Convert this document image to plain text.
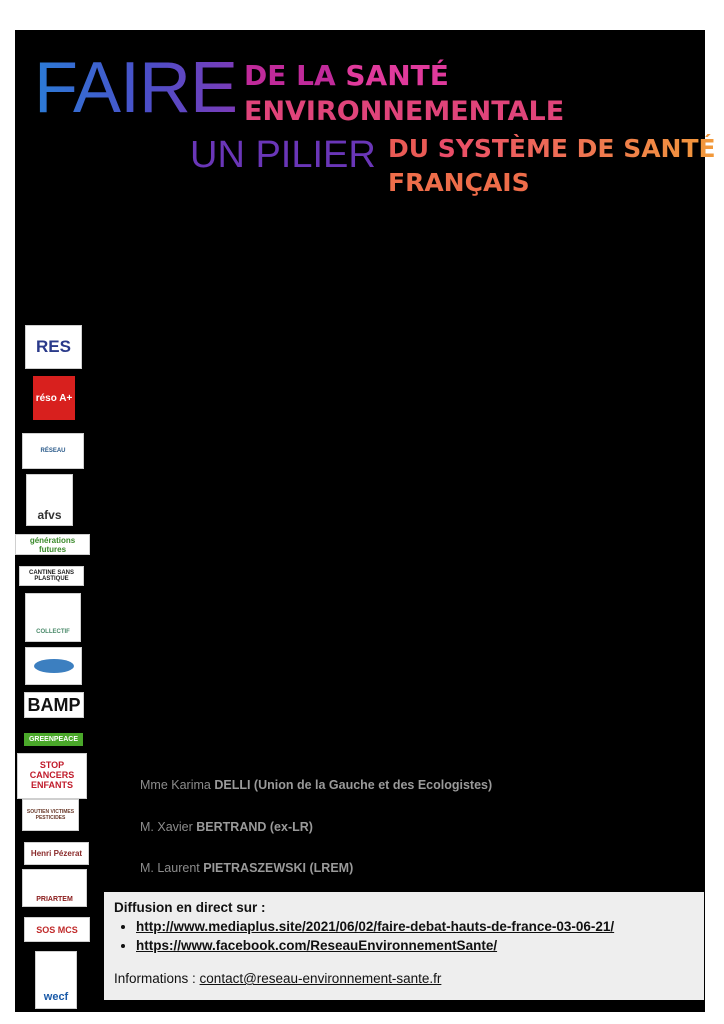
FAIRE DE LA SANTÉ
ENVIRONNEMENTALE
UN PILIER DU SYSTÈME DE SANTÉ
FRANÇAIS
RES
réso A+
RÉSEAU
afvs
générations futures
CANTINE SANS PLASTIQUE
COLLECTIF
BAMP
GREENPEACE
STOP CANCERS ENFANTS
SOUTIEN VICTIMES PESTICIDES
Henri Pézerat
PRIARTEM
SOS MCS
wecf
Mme Karima DELLI (Union de la Gauche et des Ecologistes)
M. Xavier BERTRAND (ex-LR)
M. Laurent PIETRASZEWSKI (LREM)
Diffusion en direct sur :
• http://www.mediaplus.site/2021/06/02/faire-debat-hauts-de-france-03-06-21/
• https://www.facebook.com/ReseauEnvironnementSante/
Informations : contact@reseau-environnement-sante.fr
